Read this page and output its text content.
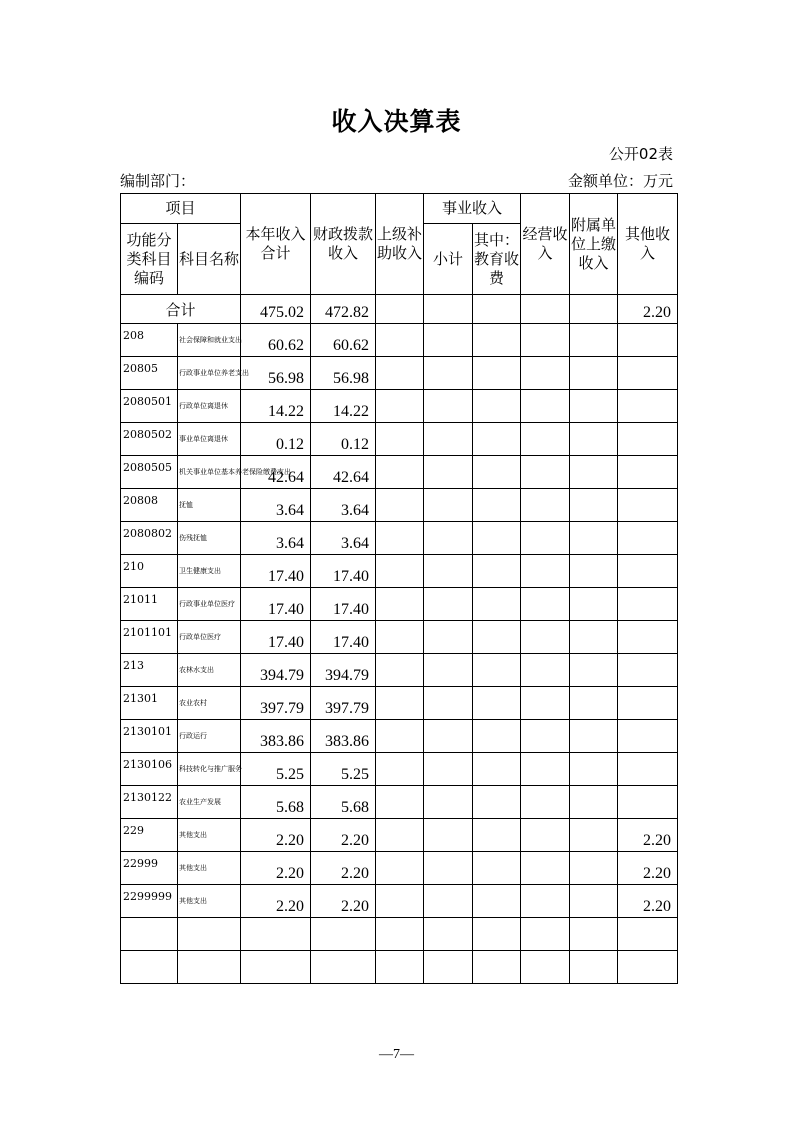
收入决算表
公开02表
编制部门：	金额单位：万元
项目		本年收入合计	财政拨款收入	上级补助收入	事业收入		经营收入	附属单位上缴收入	其他收入
功能分类科目编码	科目名称				小计	其中：教育收费			
合计		475.02	472.82						2.20
208	社会保障和就业支出	60.62	60.62						
20805	行政事业单位养老支出	56.98	56.98						
2080501	行政单位离退休	14.22	14.22						
2080502	事业单位离退休	0.12	0.12						
2080505	机关事业单位基本养老保险缴费支出	42.64	42.64						
20808	抚恤	3.64	3.64						
2080802	伤残抚恤	3.64	3.64						
210	卫生健康支出	17.40	17.40						
21011	行政事业单位医疗	17.40	17.40						
2101101	行政单位医疗	17.40	17.40						
213	农林水支出	394.79	394.79						
21301	农业农村	397.79	397.79						
2130101	行政运行	383.86	383.86						
2130106	科技转化与推广服务	5.25	5.25						
2130122	农业生产发展	5.68	5.68						
229	其他支出	2.20	2.20						2.20
22999	其他支出	2.20	2.20						2.20
2299999	其他支出	2.20	2.20						2.20

—7—
